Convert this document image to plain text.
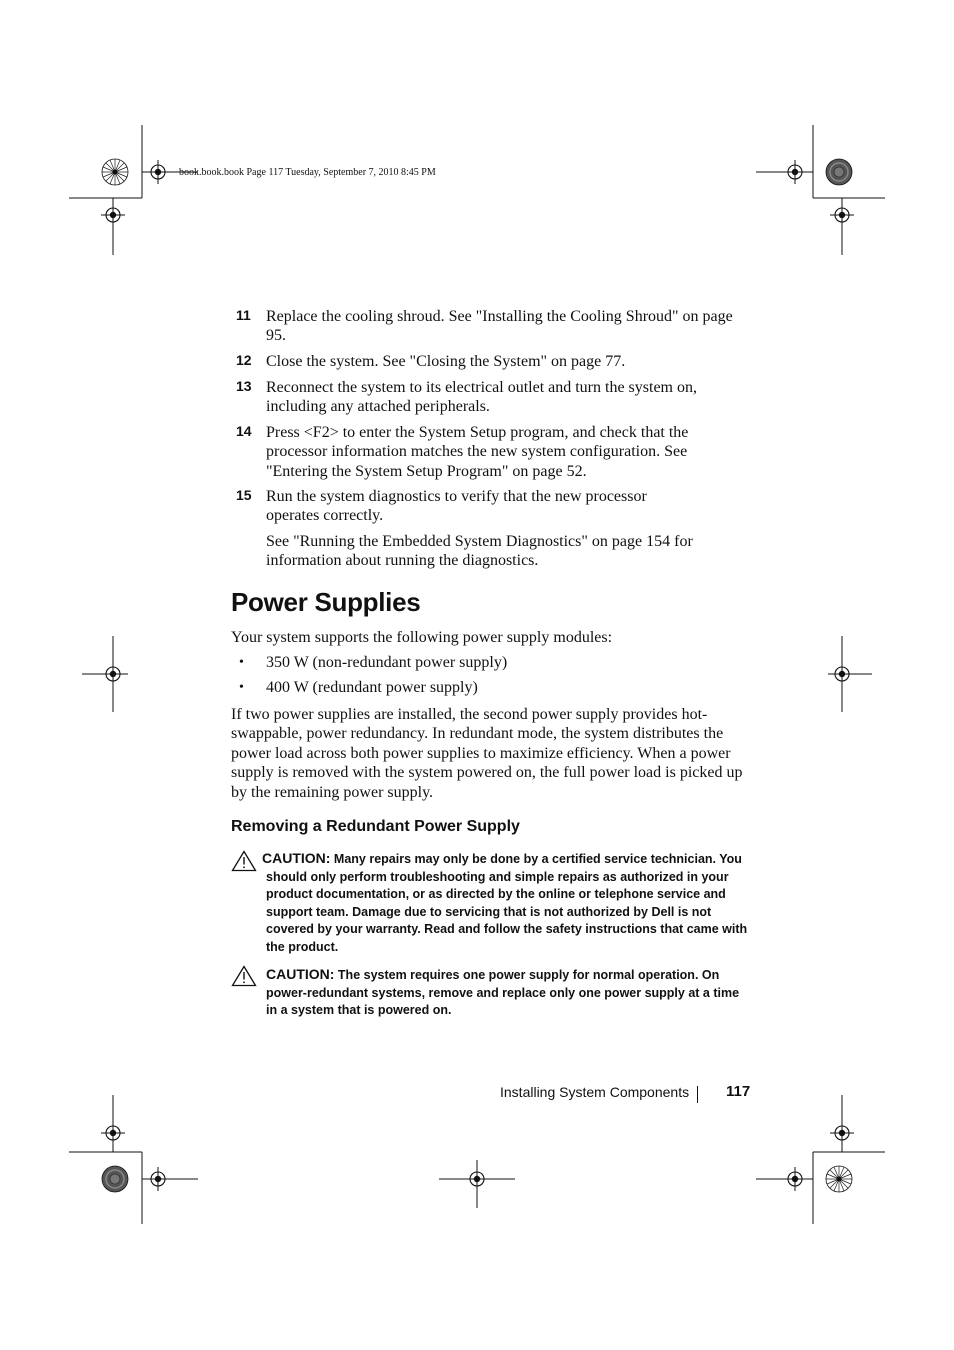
book.book.book Page 117 Tuesday, September 7, 2010 8:45 PM
11 Replace the cooling shroud. See "Installing the Cooling Shroud" on page 95.
12 Close the system. See "Closing the System" on page 77.
13 Reconnect the system to its electrical outlet and turn the system on, including any attached peripherals.
14 Press <F2> to enter the System Setup program, and check that the processor information matches the new system configuration. See "Entering the System Setup Program" on page 52.
15 Run the system diagnostics to verify that the new processor operates correctly.
See "Running the Embedded System Diagnostics" on page 154 for information about running the diagnostics.
Power Supplies
Your system supports the following power supply modules:
• 350 W (non-redundant power supply)
• 400 W (redundant power supply)
If two power supplies are installed, the second power supply provides hot-swappable, power redundancy. In redundant mode, the system distributes the power load across both power supplies to maximize efficiency. When a power supply is removed with the system powered on, the full power load is picked up by the remaining power supply.
Removing a Redundant Power Supply
CAUTION: Many repairs may only be done by a certified service technician. You should only perform troubleshooting and simple repairs as authorized in your product documentation, or as directed by the online or telephone service and support team. Damage due to servicing that is not authorized by Dell is not covered by your warranty. Read and follow the safety instructions that came with the product.
CAUTION: The system requires one power supply for normal operation. On power-redundant systems, remove and replace only one power supply at a time in a system that is powered on.
Installing System Components 117
